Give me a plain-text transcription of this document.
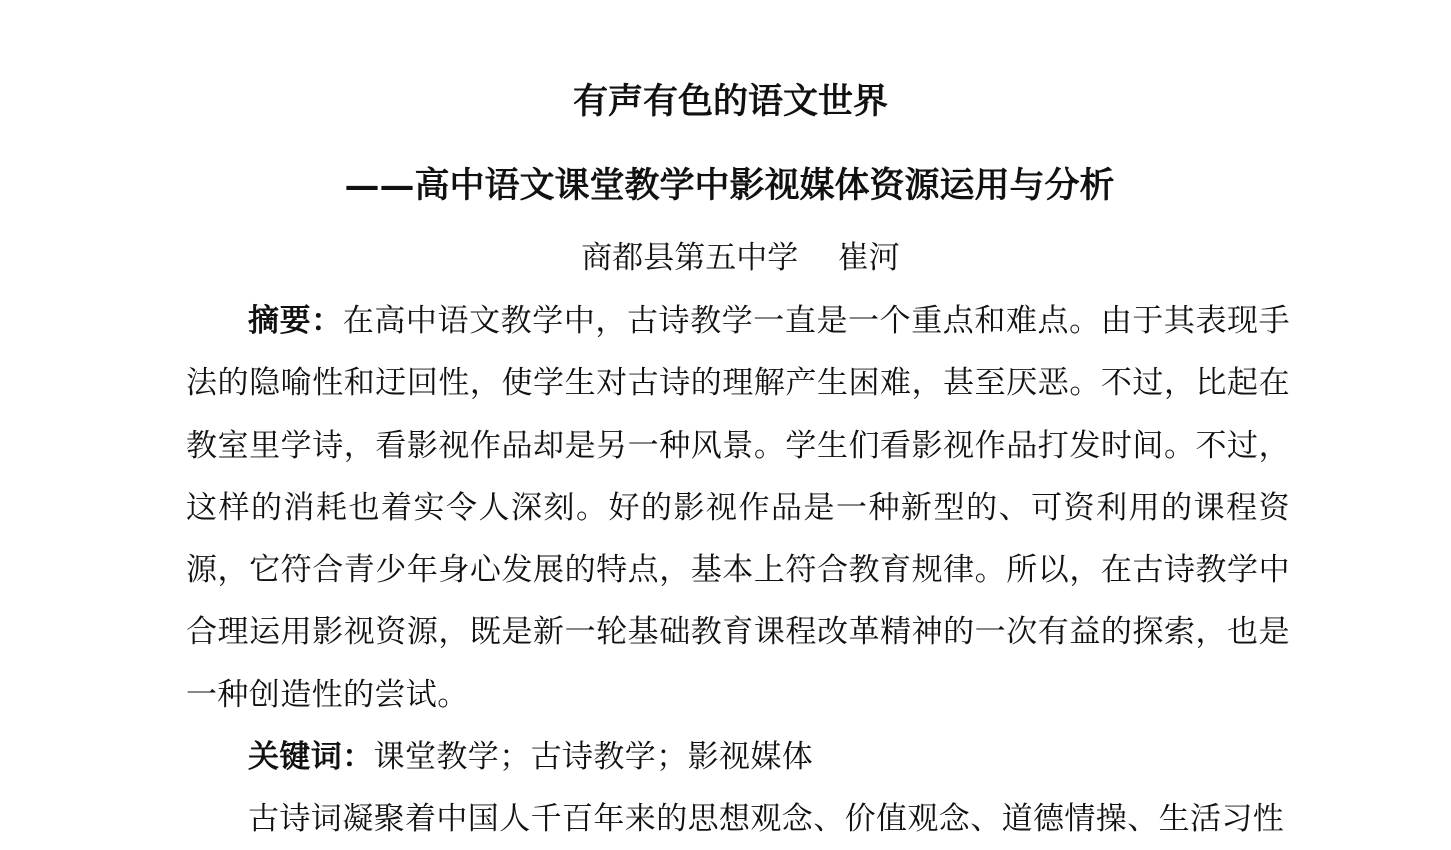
有声有色的语文世界
——高中语文课堂教学中影视媒体资源运用与分析
商都县第五中学    崔河
摘要：在高中语文教学中，古诗教学一直是一个重点和难点。由于其表现手法的隐喻性和迂回性，使学生对古诗的理解产生困难，甚至厌恶。不过，比起在教室里学诗，看影视作品却是另一种风景。学生们看影视作品打发时间。不过，这样的消耗也着实令人深刻。好的影视作品是一种新型的、可资利用的课程资源，它符合青少年身心发展的特点，基本上符合教育规律。所以，在古诗教学中合理运用影视资源，既是新一轮基础教育课程改革精神的一次有益的探索，也是一种创造性的尝试。
关键词：课堂教学；古诗教学；影视媒体
古诗词凝聚着中国人千百年来的思想观念、价值观念、道德情操、生活习性
